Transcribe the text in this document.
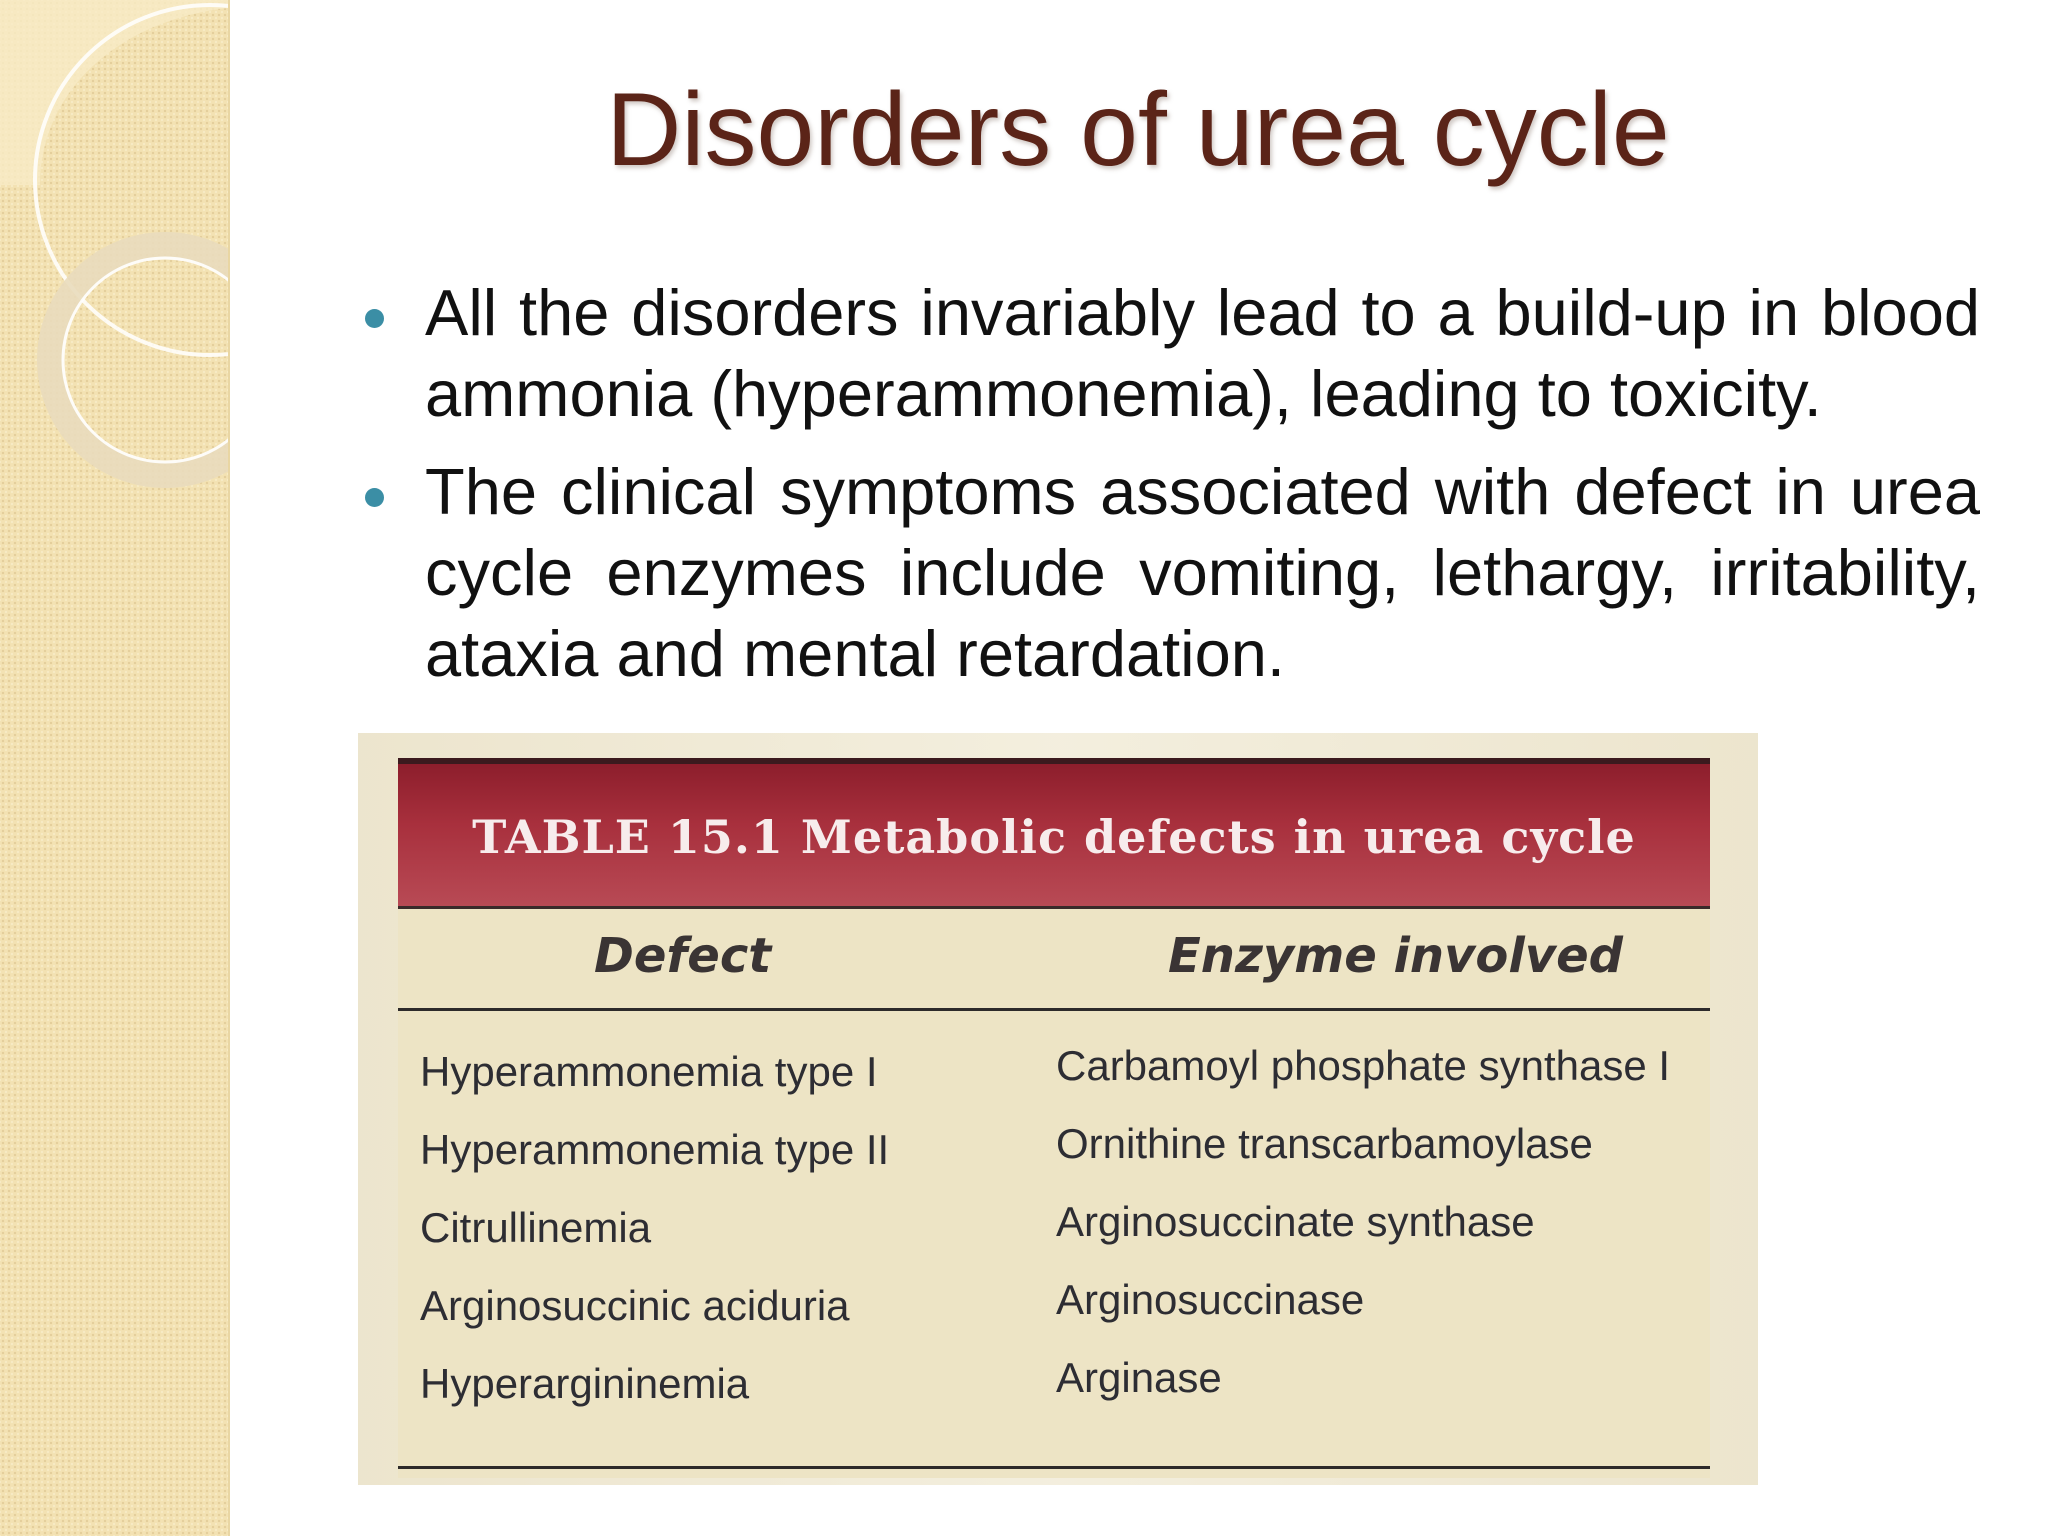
Disorders of urea cycle
All the disorders invariably lead to a build-up in blood ammonia (hyperammonemia), leading to toxicity.
The clinical symptoms associated with defect in urea cycle enzymes include vomiting, lethargy, irritability, ataxia and mental retardation.
TABLE 15.1 Metabolic defects in urea cycle
Defect	Enzyme involved
Hyperammonemia type I	Carbamoyl phosphate synthase I
Hyperammonemia type II	Ornithine transcarbamoylase
Citrullinemia	Arginosuccinate synthase
Arginosuccinic aciduria	Arginosuccinase
Hyperargininemia	Arginase
